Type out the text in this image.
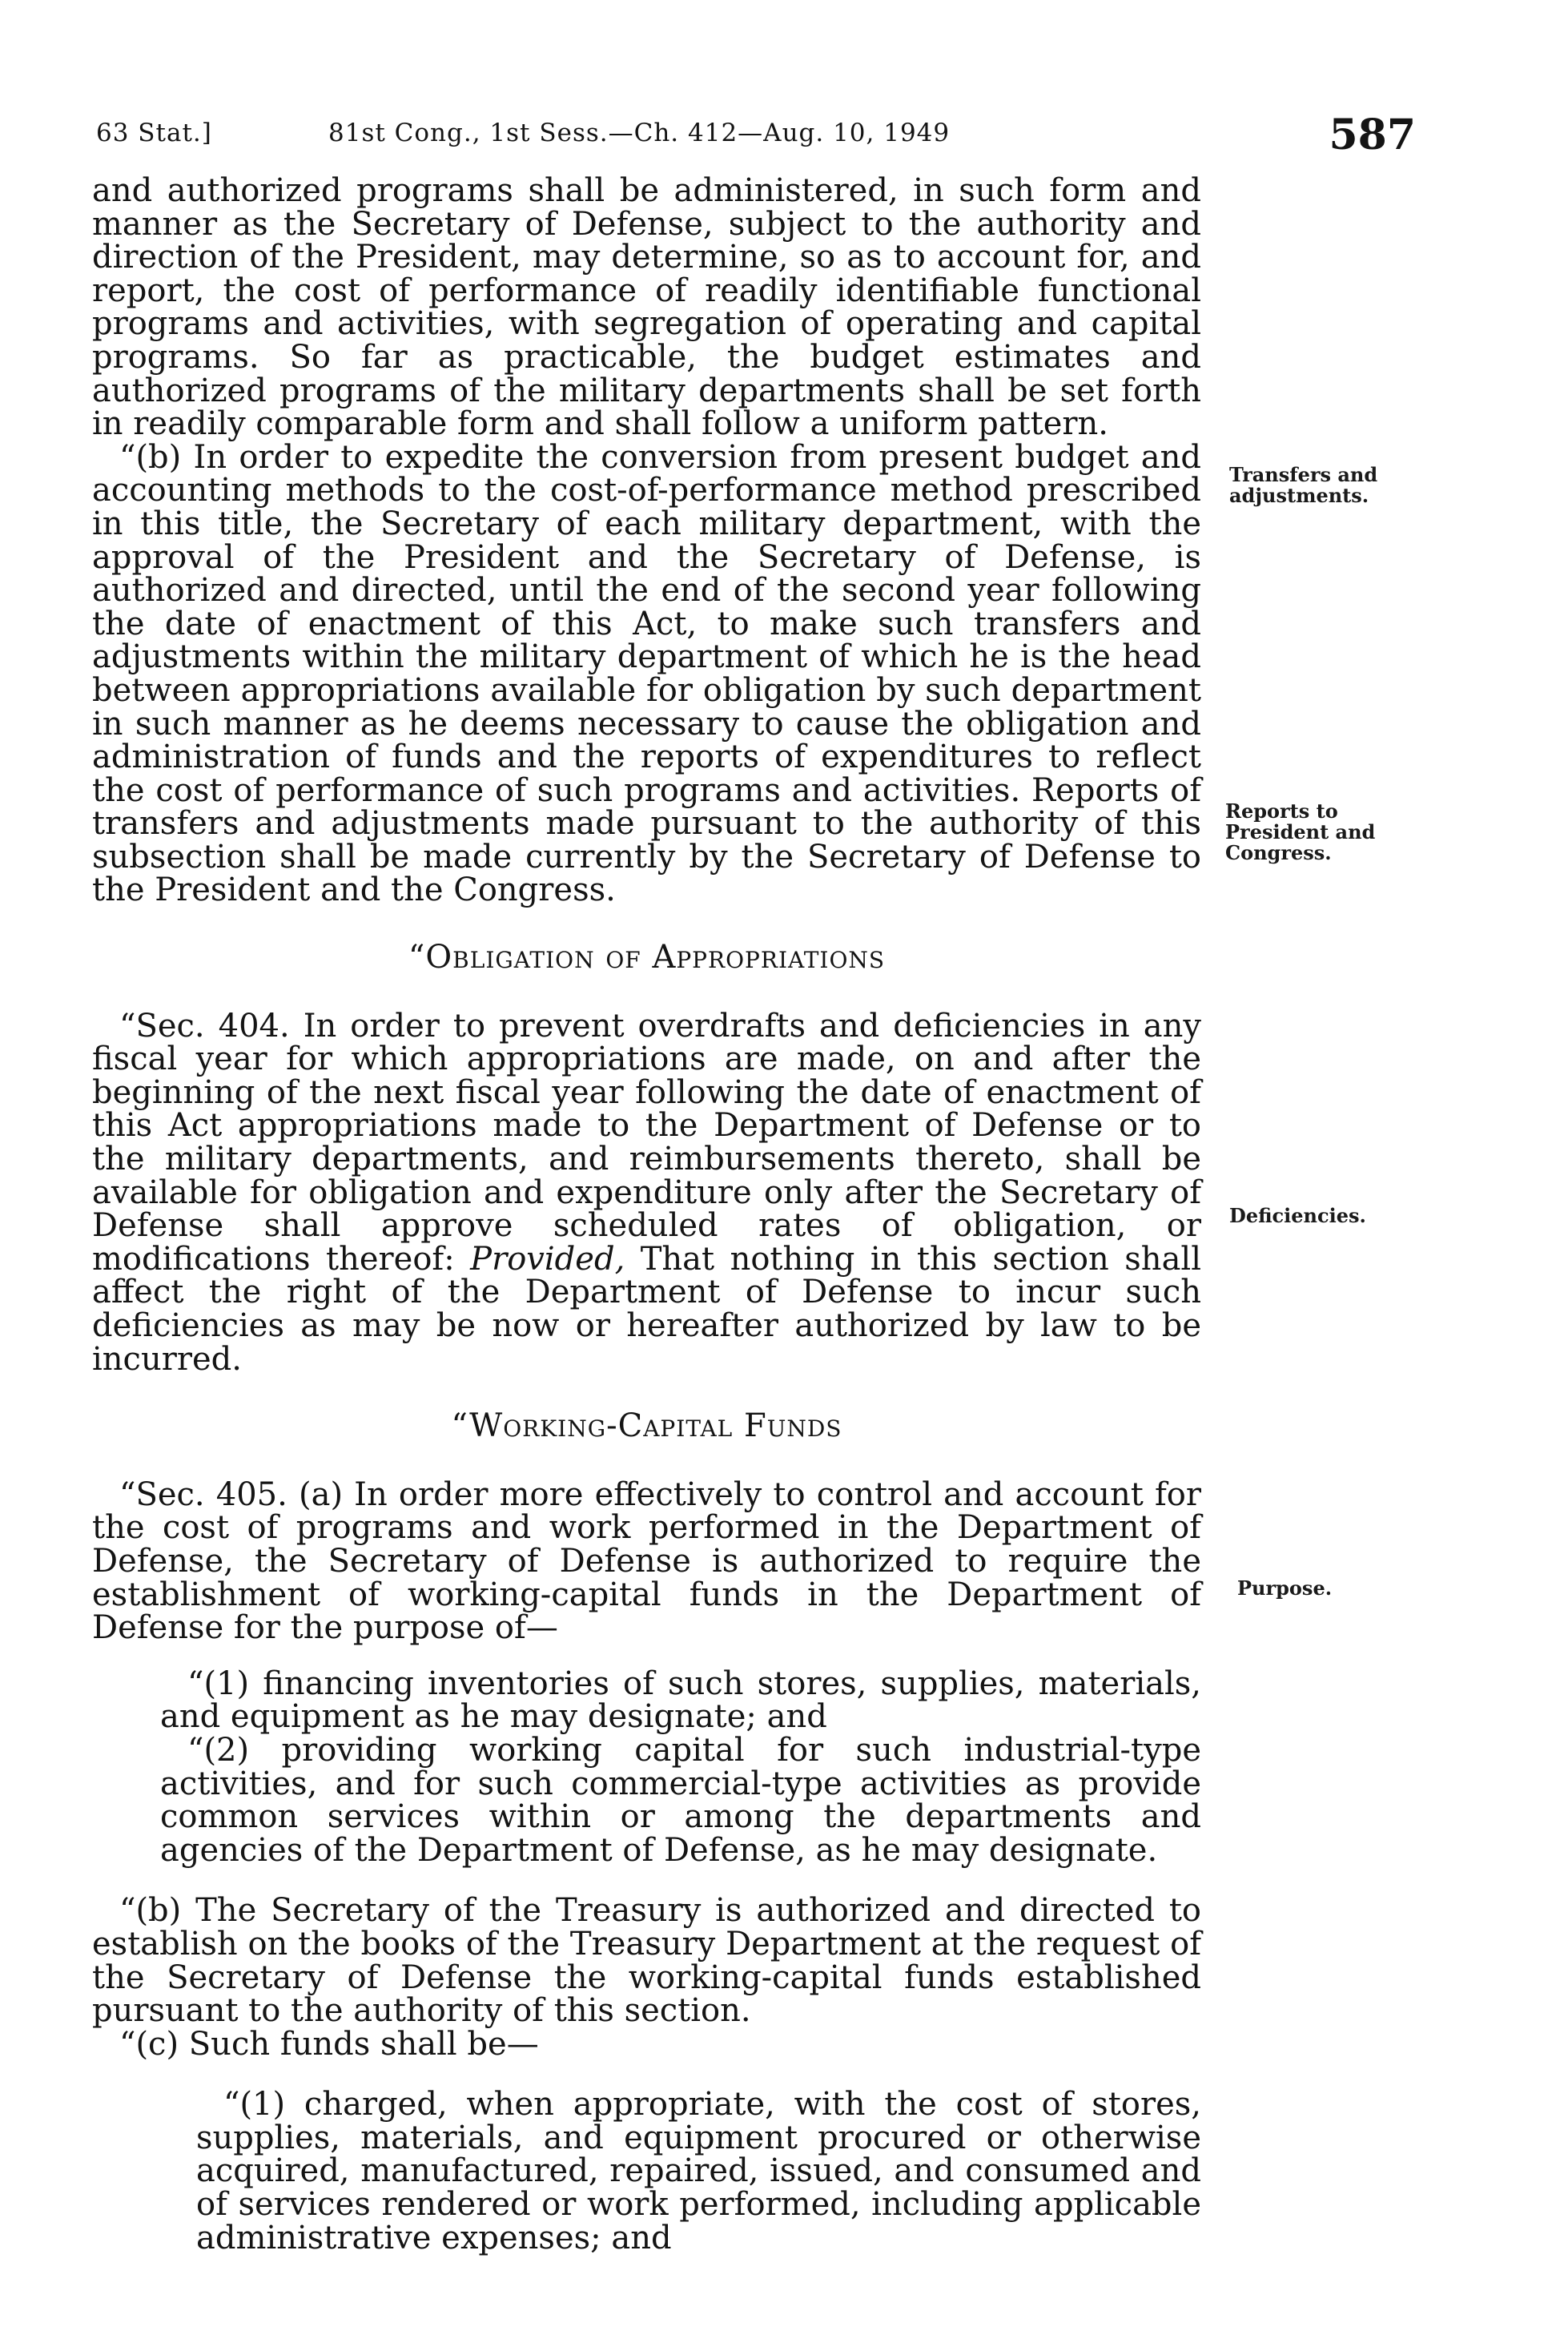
63 Stat.]	81st Cong., 1st Sess.—Ch. 412—Aug. 10, 1949	587

and authorized programs shall be administered, in such form and manner as the Secretary of Defense, subject to the authority and direction of the President, may determine, so as to account for, and report, the cost of performance of readily identifiable functional programs and activities, with segregation of operating and capital programs. So far as practicable, the budget estimates and authorized programs of the military departments shall be set forth in readily comparable form and shall follow a uniform pattern.

“(b) In order to expedite the conversion from present budget and accounting methods to the cost-of-performance method prescribed in this title, the Secretary of each military department, with the approval of the President and the Secretary of Defense, is authorized and directed, until the end of the second year following the date of enactment of this Act, to make such transfers and adjustments within the military department of which he is the head between appropriations available for obligation by such department in such manner as he deems necessary to cause the obligation and administration of funds and the reports of expenditures to reflect the cost of performance of such programs and activities. Reports of transfers and adjustments made pursuant to the authority of this subsection shall be made currently by the Secretary of Defense to the President and the Congress.

“Obligation of Appropriations

“Sec. 404. In order to prevent overdrafts and deficiencies in any fiscal year for which appropriations are made, on and after the beginning of the next fiscal year following the date of enactment of this Act appropriations made to the Department of Defense or to the military departments, and reimbursements thereto, shall be available for obligation and expenditure only after the Secretary of Defense shall approve scheduled rates of obligation, or modifications thereof: Provided, That nothing in this section shall affect the right of the Department of Defense to incur such deficiencies as may be now or hereafter authorized by law to be incurred.

“Working-Capital Funds

“Sec. 405. (a) In order more effectively to control and account for the cost of programs and work performed in the Department of Defense, the Secretary of Defense is authorized to require the establishment of working-capital funds in the Department of Defense for the purpose of—

“(1) financing inventories of such stores, supplies, materials, and equipment as he may designate; and

“(2) providing working capital for such industrial-type activities, and for such commercial-type activities as provide common services within or among the departments and agencies of the Department of Defense, as he may designate.

“(b) The Secretary of the Treasury is authorized and directed to establish on the books of the Treasury Department at the request of the Secretary of Defense the working-capital funds established pursuant to the authority of this section.

“(c) Such funds shall be—

“(1) charged, when appropriate, with the cost of stores, supplies, materials, and equipment procured or otherwise acquired, manufactured, repaired, issued, and consumed and of services rendered or work performed, including applicable administrative expenses; and

Transfers and adjustments.
Reports to President and Congress.
Deficiencies.
Purpose.
